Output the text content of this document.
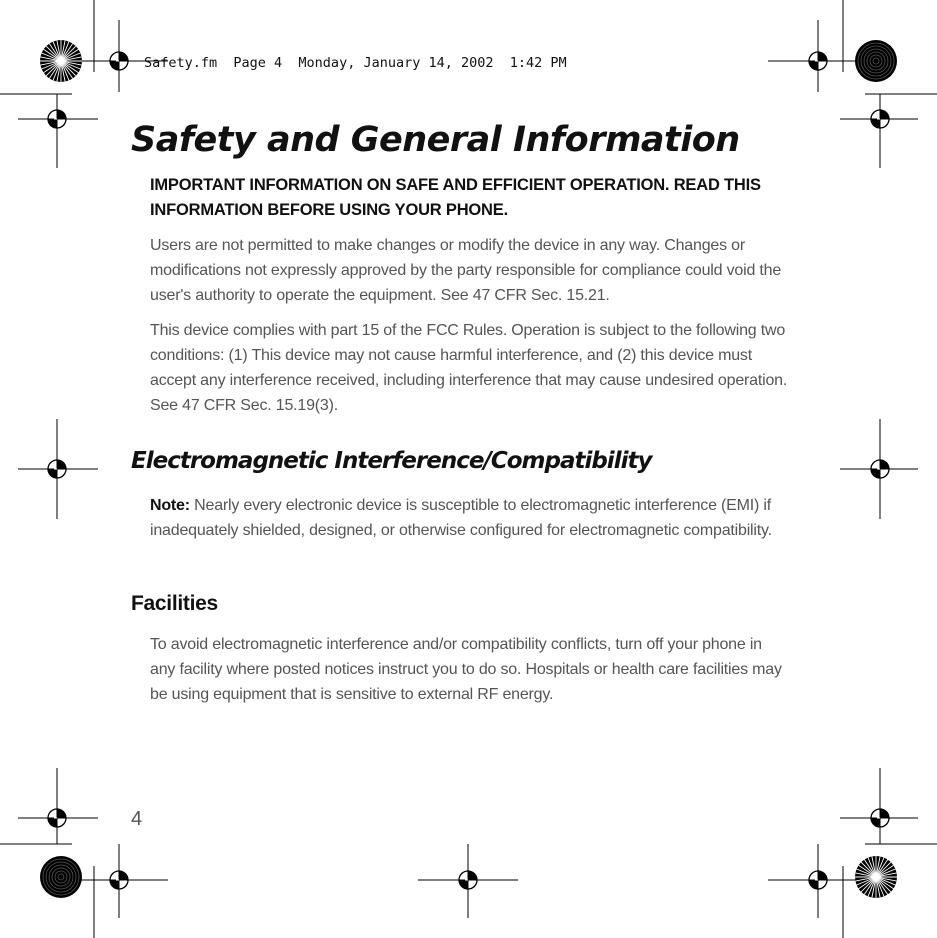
Safety.fm  Page 4  Monday, January 14, 2002  1:42 PM
Safety and General Information
IMPORTANT INFORMATION ON SAFE AND EFFICIENT OPERATION. READ THIS INFORMATION BEFORE USING YOUR PHONE.
Users are not permitted to make changes or modify the device in any way. Changes or modifications not expressly approved by the party responsible for compliance could void the user's authority to operate the equipment. See 47 CFR Sec. 15.21.
This device complies with part 15 of the FCC Rules. Operation is subject to the following two conditions: (1) This device may not cause harmful interference, and (2) this device must accept any interference received, including interference that may cause undesired operation. See 47 CFR Sec. 15.19(3).
Electromagnetic Interference/Compatibility
Note: Nearly every electronic device is susceptible to electromagnetic interference (EMI) if inadequately shielded, designed, or otherwise configured for electromagnetic compatibility.
Facilities
To avoid electromagnetic interference and/or compatibility conflicts, turn off your phone in any facility where posted notices instruct you to do so. Hospitals or health care facilities may be using equipment that is sensitive to external RF energy.
4
